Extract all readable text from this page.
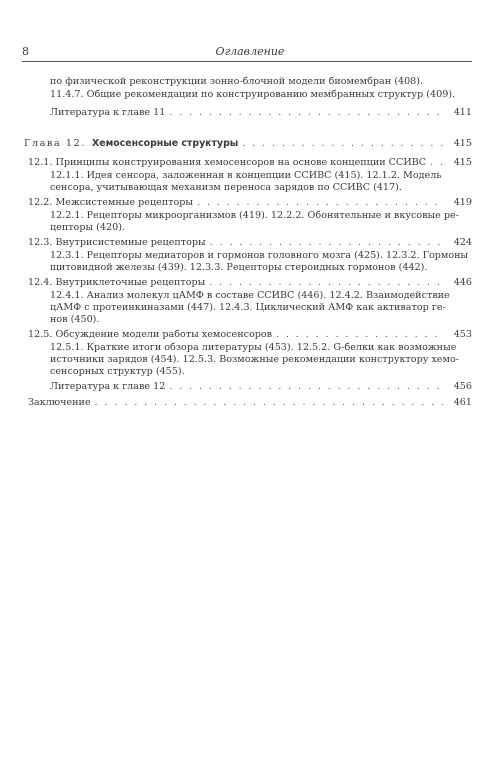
8	Оглавление
по физической реконструкции зонно-блочной модели биомембран (408).
11.4.7. Общие рекомендации по конструированию мембранных структур (409).
Литература к главе 11 . . .	411
Глава 12. Хемосенсорные структуры . . .	415
12.1. Принципы конструирования хемосенсоров на основе концепции ССИВС . . .	415
12.1.1. Идея сенсора, заложенная в концепции ССИВС (415). 12.1.2. Модель
сенсора, учитывающая механизм переноса зарядов по ССИВС (417).
12.2. Межсистемные рецепторы . . .	419
12.2.1. Рецепторы микроорганизмов (419). 12.2.2. Обонятельные и вкусовые ре-
цепторы (420).
12.3. Внутрисистемные рецепторы . . .	424
12.3.1. Рецепторы медиаторов и гормонов головного мозга (425). 12.3.2. Гормоны
щитовидной железы (439). 12.3.3. Рецепторы стероидных гормонов (442).
12.4. Внутриклеточные рецепторы . . .	446
12.4.1. Анализ молекул цАМФ в составе ССИВС (446). 12.4.2. Взаимодействие
цАМФ с протеинкиназами (447). 12.4.3. Циклический АМФ как активатор ге-
нов (450).
12.5. Обсуждение модели работы хемосенсоров . . .	453
12.5.1. Краткие итоги обзора литературы (453). 12.5.2. G-белки как возможные
источники зарядов (454). 12.5.3. Возможные рекомендации конструктору хемо-
сенсорных структур (455).
Литература к главе 12 . . .	456
Заключение . . .	461
